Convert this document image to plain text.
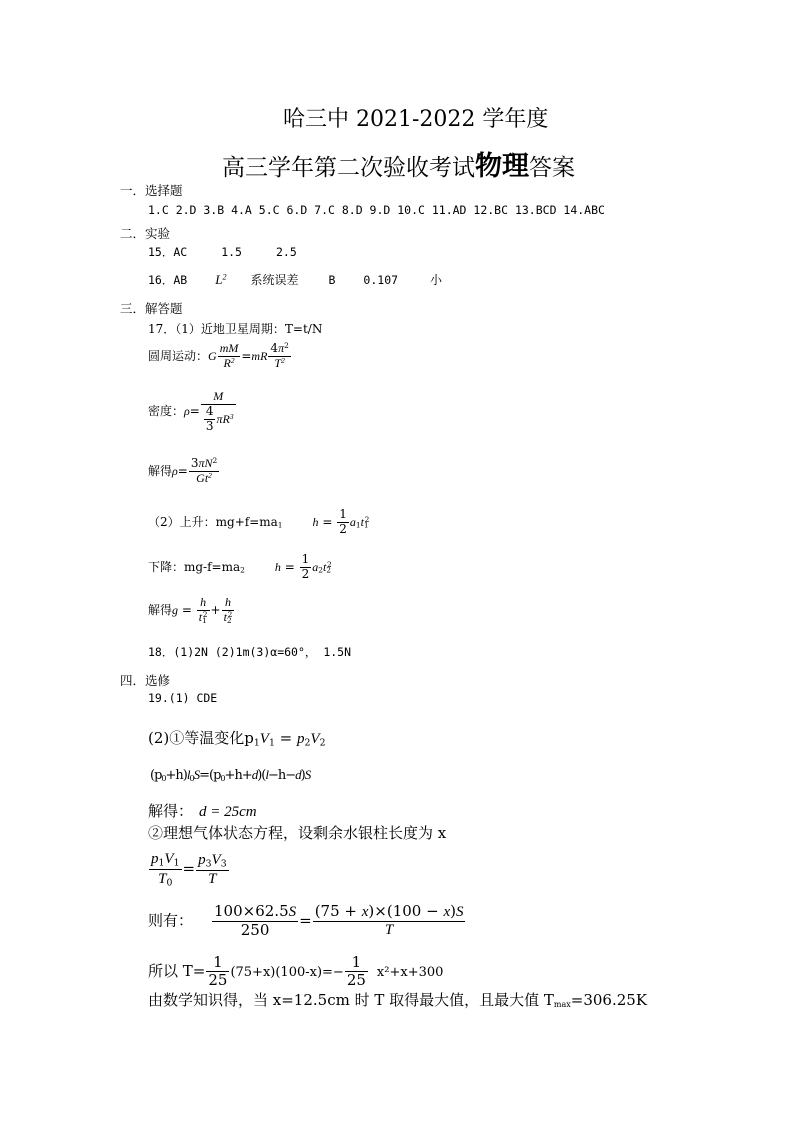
哈三中 2021-2022 学年度
高三学年第二次验收考试物理答案
一．选择题
1.C 2.D 3.B 4.A 5.C 6.D 7.C 8.D 9.D 10.C 11.AD 12.BC 13.BCD 14.ABC
二．实验
15．AC	1.5	2.5
16．AB $L^2$ 系统误差	B 0.107	小
三．解答题
17．（1）近地卫星周期：T=t/N
圆周运动：G $\frac{mM}{R^2} =mR \frac{4\pi^2}{T^2}$
密度：$\rho= \frac{M}{\frac{4}{3} \pi R^3}$
解得$\rho= \frac{3\pi N^2}{Gt^2}$
（2）上升：$mg+f=ma_1$	$h = \frac{1}{2} a_1t_1^2$
下降：$mg-f=ma_2$	$h = \frac{1}{2} a_2t_2^2$
解得$g = \frac{h}{t_1^2} + \frac{h}{t_2^2}$
18．(1)2N (2)1m(3)α=60°， 1.5N
四．选修
19.(1) CDE
(2)①等温变化$p_1V_1 = p_2V_2$
$(p_0+h)l_0S=(p_0+h+d)(l-h-d)S$
解得： d = 25cm
②理想气体状态方程，设剩余水银柱长度为 x
$\frac{p_1V_1}{T_0} = \frac{p_3V_3}{T}$
则有： $\frac{100\times 62.5S}{250} = \frac{(75 + x)\times(100 - x)S}{T}$
所以 $T= \frac{1}{25} (75+x)(100-x)=- \frac{1}{25} x^2+x+300$
由数学知识得，当 x=12.5cm 时 T 取得最大值，且最大值 $T_{max}=306.25K$
